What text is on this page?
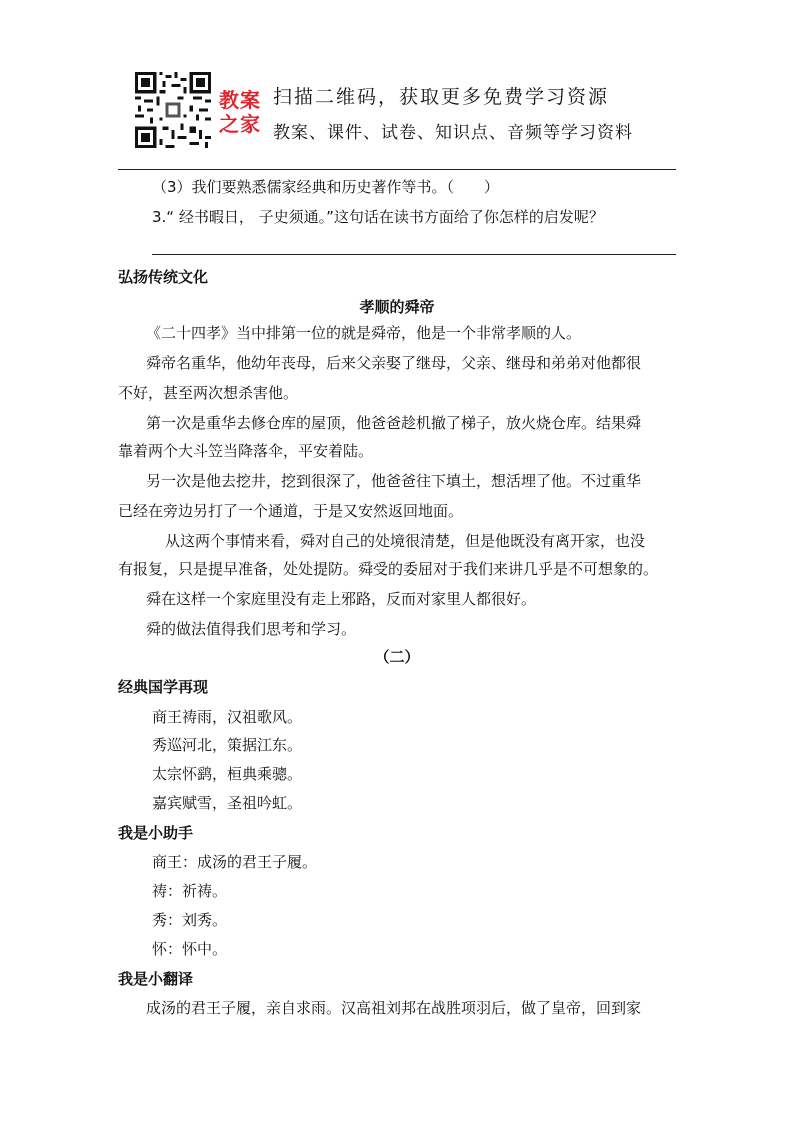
教案
之家
扫描二维码，获取更多免费学习资源
教案、课件、试卷、知识点、音频等学习资料
（3）我们要熟悉儒家经典和历史著作等书。（　　）
3.“ 经书暇日， 子史须通。”这句话在读书方面给了你怎样的启发呢？
弘扬传统文化
孝顺的舜帝
《二十四孝》当中排第一位的就是舜帝，他是一个非常孝顺的人。
舜帝名重华，他幼年丧母，后来父亲娶了继母，父亲、继母和弟弟对他都很
不好，甚至两次想杀害他。
第一次是重华去修仓库的屋顶，他爸爸趁机撤了梯子，放火烧仓库。结果舜
靠着两个大斗笠当降落伞，平安着陆。
另一次是他去挖井，挖到很深了，他爸爸往下填土，想活埋了他。不过重华
已经在旁边另打了一个通道，于是又安然返回地面。
从这两个事情来看，舜对自己的处境很清楚，但是他既没有离开家，也没
有报复，只是提早准备，处处提防。舜受的委屈对于我们来讲几乎是不可想象的。
舜在这样一个家庭里没有走上邪路，反而对家里人都很好。
舜的做法值得我们思考和学习。
（二）
经典国学再现
商王祷雨，汉祖歌风。
秀巡河北，策据江东。
太宗怀鹞，桓典乘骢。
嘉宾赋雪，圣祖吟虹。
我是小助手
商王：成汤的君王子履。
祷：祈祷。
秀：刘秀。
怀：怀中。
我是小翻译
成汤的君王子履，亲自求雨。汉高祖刘邦在战胜项羽后，做了皇帝，回到家
